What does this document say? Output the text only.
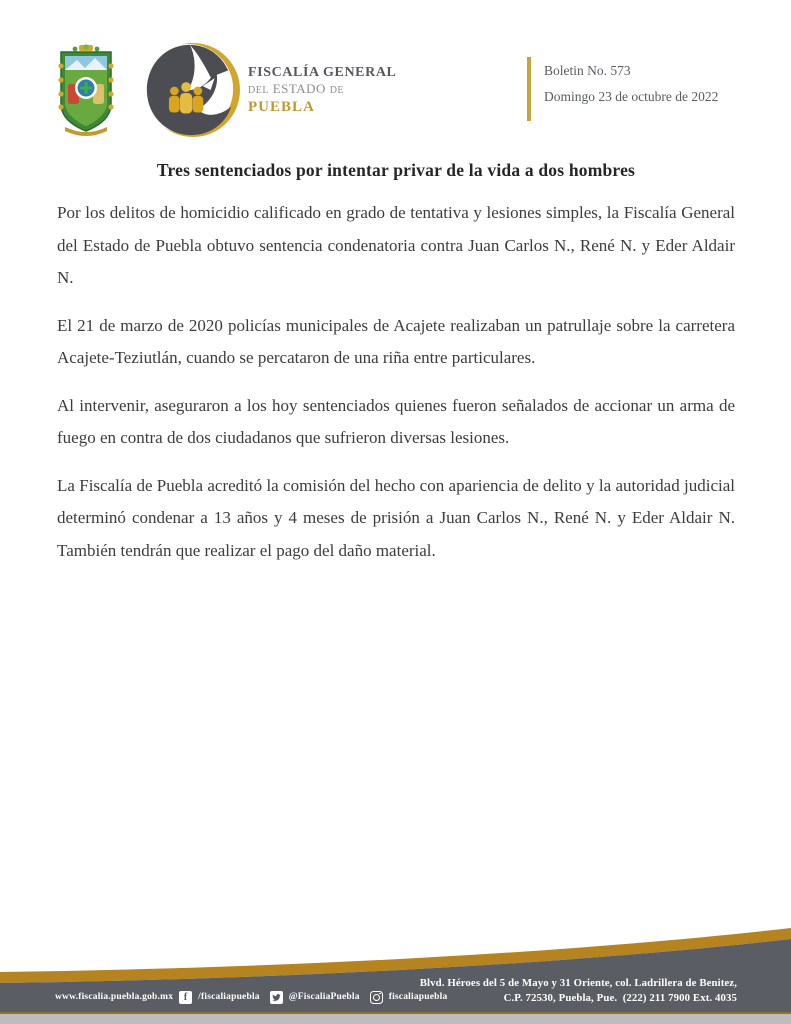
FISCALÍA GENERAL
DEL ESTADO DE
PUEBLA
Boletin No. 573
Domingo 23 de octubre de 2022
Tres sentenciados por intentar privar de la vida a dos hombres

Por los delitos de homicidio calificado en grado de tentativa y lesiones simples, la Fiscalía General del Estado de Puebla obtuvo sentencia condenatoria contra Juan Carlos N., René N. y Eder Aldair N.

El 21 de marzo de 2020 policías municipales de Acajete realizaban un patrullaje sobre la carretera Acajete-Teziutlán, cuando se percataron de una riña entre particulares.

Al intervenir, aseguraron a los hoy sentenciados quienes fueron señalados de accionar un arma de fuego en contra de dos ciudadanos que sufrieron diversas lesiones.

La Fiscalía de Puebla acreditó la comisión del hecho con apariencia de delito y la autoridad judicial determinó condenar a 13 años y 4 meses de prisión a Juan Carlos N., René N. y Eder Aldair N. También tendrán que realizar el pago del daño material.

www.fiscalia.puebla.gob.mx	f	/fiscaliapuebla	@FiscaliaPuebla	fiscaliapuebla
Blvd. Héroes del 5 de Mayo y 31 Oriente, col. Ladrillera de Benitez,
C.P. 72530, Puebla, Pue.  (222) 211 7900 Ext. 4035
